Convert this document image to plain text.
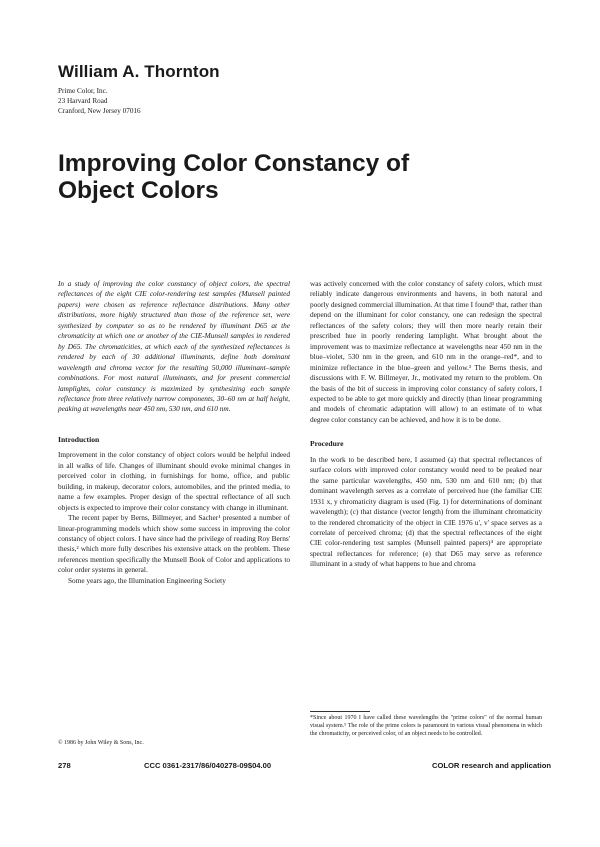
William A. Thornton
Prime Color, Inc.
23 Harvard Road
Cranford, New Jersey 07016
Improving Color Constancy of
Object Colors

In a study of improving the color constancy of object colors, the spectral reflectances of the eight CIE color-rendering test samples (Munsell painted papers) were chosen as reference reflectance distributions. Many other distributions, more highly structured than those of the reference set, were synthesized by computer so as to be rendered by illuminant D65 at the chromaticity at which one or another of the CIE-Munsell samples in rendered by D65. The chromaticities, at which each of the synthesized reflectances is rendered by each of 30 additional illuminants, define both dominant wavelength and chroma vector for the resulting 50,000 illuminant–sample combinations. For most natural illuminants, and for present commercial lamplights, color constancy is maximized by synthesizing each sample reflectance from three relatively narrow components, 30–60 nm at half height, peaking at wavelengths near 450 nm, 530 nm, and 610 nm.

Introduction

Improvement in the color constancy of object colors would be helpful indeed in all walks of life. Changes of illuminant should evoke minimal changes in perceived color in clothing, in furnishings for home, office, and public building, in makeup, decorator colors, automobiles, and the printed media, to name a few examples. Proper design of the spectral reflectance of all such objects is expected to improve their color constancy with change in illuminant.

The recent paper by Berns, Billmeyer, and Sacher¹ presented a number of linear-programming models which show some success in improving the color constancy of object colors. I have since had the privilege of reading Roy Berns' thesis,² which more fully describes his extensive attack on the problem. These references mention specifically the Munsell Book of Color and applications to color order systems in general.

Some years ago, the Illumination Engineering Society

was actively concerned with the color constancy of safety colors, which must reliably indicate dangerous environments and havens, in both natural and poorly designed commercial illumination. At that time I found³ that, rather than depend on the illuminant for color constancy, one can redesign the spectral reflectances of the safety colors; they will then more nearly retain their prescribed hue in poorly rendering lamplight. What brought about the improvement was to maximize reflectance at wavelengths near 450 nm in the blue–violet, 530 nm in the green, and 610 nm in the orange–red*, and to minimize reflectance in the blue–green and yellow.³ The Berns thesis, and discussions with F. W. Billmeyer, Jr., motivated my return to the problem. On the basis of the bit of success in improving color constancy of safety colors, I expected to be able to get more quickly and directly (than linear programming and models of chromatic adaptation will allow) to an estimate of to what degree color constancy can be achieved, and how it is to be done.

Procedure

In the work to be described here, I assumed (a) that spectral reflectances of surface colors with improved color constancy would need to be peaked near the same particular wavelengths, 450 nm, 530 nm and 610 nm; (b) that dominant wavelength serves as a correlate of perceived hue (the familiar CIE 1931 x, y chromaticity diagram is used (Fig. 1) for determinations of dominant wavelength); (c) that distance (vector length) from the illuminant chromaticity to the rendered chromaticity of the object in CIE 1976 u', v' space serves as a correlate of perceived chroma; (d) that the spectral reflectances of the eight CIE color-rendering test samples (Munsell painted papers)⁴ are appropriate spectral reflectances for reference; (e) that D65 may serve as reference illuminant in a study of what happens to hue and chroma

*Since about 1970 I have called these wavelengths the "prime colors" of the normal human visual system.⁵ The role of the prime colors is paramount in various visual phenomena in which the chromaticity, or perceived color, of an object needs to be controlled.
© 1986 by John Wiley & Sons, Inc.
278	CCC 0361-2317/86/040278-09$04.00	COLOR research and application
